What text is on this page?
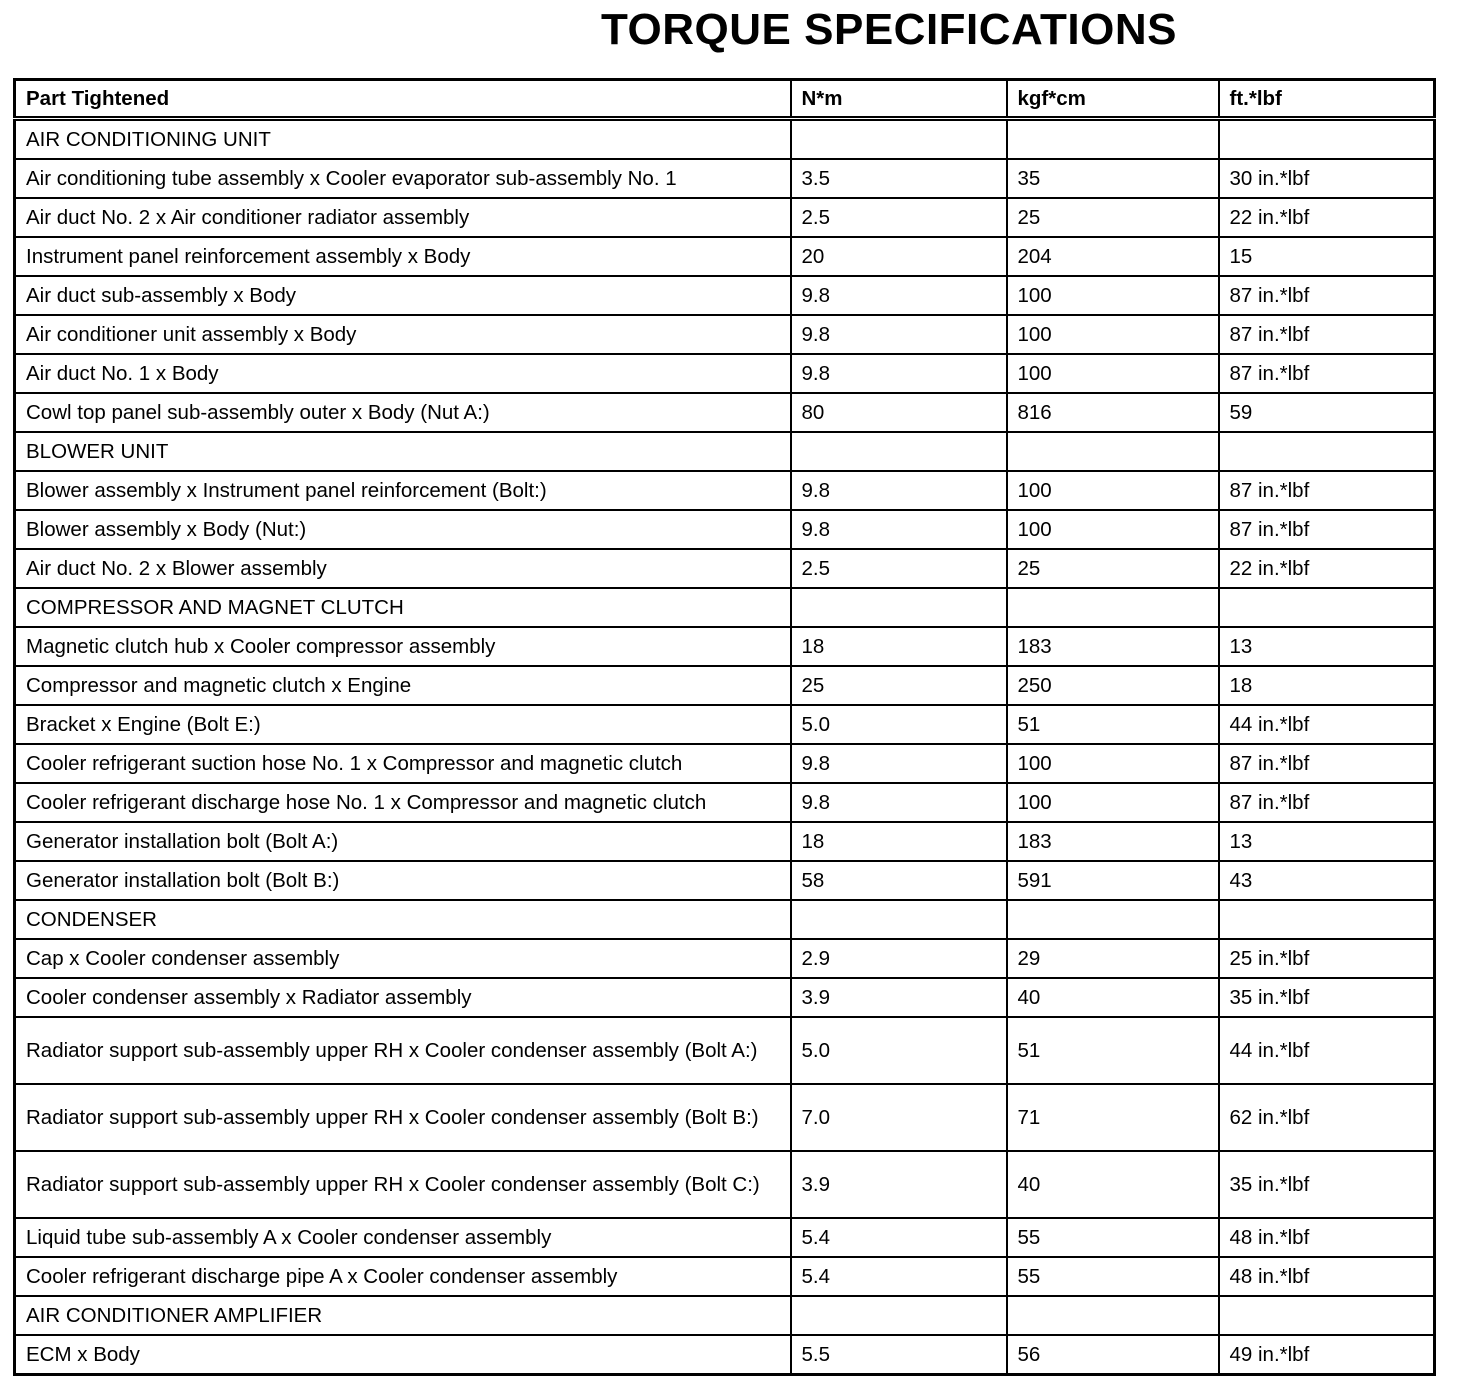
TORQUE SPECIFICATIONS
Part Tightened	N*m	kgf*cm	ft.*lbf
AIR CONDITIONING UNIT			
Air conditioning tube assembly x Cooler evaporator sub-assembly No. 1	3.5	35	30 in.*lbf
Air duct No. 2 x Air conditioner radiator assembly	2.5	25	22 in.*lbf
Instrument panel reinforcement assembly x Body	20	204	15
Air duct sub-assembly x Body	9.8	100	87 in.*lbf
Air conditioner unit assembly x Body	9.8	100	87 in.*lbf
Air duct No. 1 x Body	9.8	100	87 in.*lbf
Cowl top panel sub-assembly outer x Body (Nut A:)	80	816	59
BLOWER UNIT			
Blower assembly x Instrument panel reinforcement (Bolt:)	9.8	100	87 in.*lbf
Blower assembly x Body (Nut:)	9.8	100	87 in.*lbf
Air duct No. 2 x Blower assembly	2.5	25	22 in.*lbf
COMPRESSOR AND MAGNET CLUTCH			
Magnetic clutch hub x Cooler compressor assembly	18	183	13
Compressor and magnetic clutch x Engine	25	250	18
Bracket x Engine (Bolt E:)	5.0	51	44 in.*lbf
Cooler refrigerant suction hose No. 1 x Compressor and magnetic clutch	9.8	100	87 in.*lbf
Cooler refrigerant discharge hose No. 1 x Compressor and magnetic clutch	9.8	100	87 in.*lbf
Generator installation bolt (Bolt A:)	18	183	13
Generator installation bolt (Bolt B:)	58	591	43
CONDENSER			
Cap x Cooler condenser assembly	2.9	29	25 in.*lbf
Cooler condenser assembly x Radiator assembly	3.9	40	35 in.*lbf
Radiator support sub-assembly upper RH x Cooler condenser assembly (Bolt A:)	5.0	51	44 in.*lbf
Radiator support sub-assembly upper RH x Cooler condenser assembly (Bolt B:)	7.0	71	62 in.*lbf
Radiator support sub-assembly upper RH x Cooler condenser assembly (Bolt C:)	3.9	40	35 in.*lbf
Liquid tube sub-assembly A x Cooler condenser assembly	5.4	55	48 in.*lbf
Cooler refrigerant discharge pipe A x Cooler condenser assembly	5.4	55	48 in.*lbf
AIR CONDITIONER AMPLIFIER			
ECM x Body	5.5	56	49 in.*lbf
